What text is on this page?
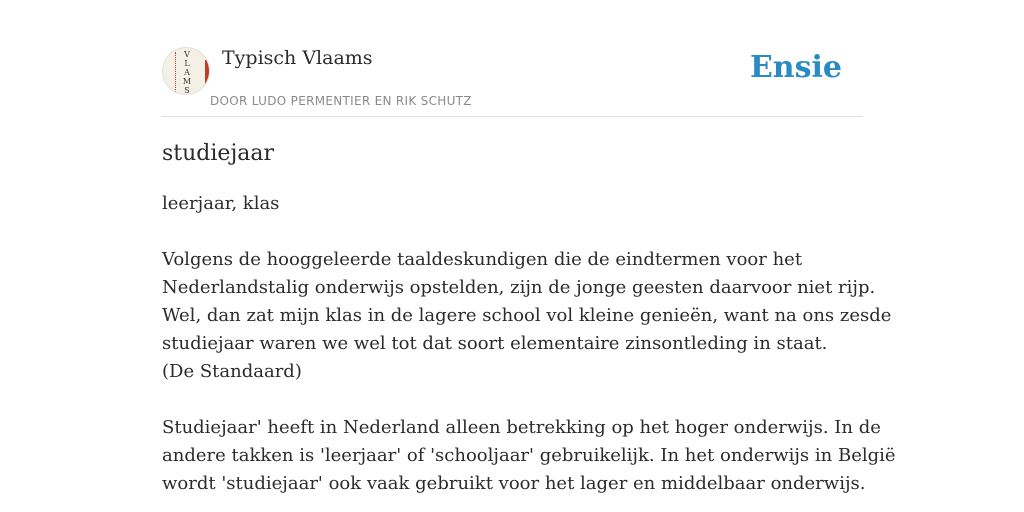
V
L
A
M
S
Typisch Vlaams
DOOR LUDO PERMENTIER EN RIK SCHUTZ
Ensie
studiejaar

leerjaar, klas

Volgens de hooggeleerde taaldeskundigen die de eindtermen voor het
Nederlandstalig onderwijs opstelden, zijn de jonge geesten daarvoor niet rijp.
Wel, dan zat mijn klas in de lagere school vol kleine genieën, want na ons zesde
studiejaar waren we wel tot dat soort elementaire zinsontleding in staat.
(De Standaard)

Studiejaar' heeft in Nederland alleen betrekking op het hoger onderwijs. In de
andere takken is 'leerjaar' of 'schooljaar' gebruikelijk. In het onderwijs in België
wordt 'studiejaar' ook vaak gebruikt voor het lager en middelbaar onderwijs.
